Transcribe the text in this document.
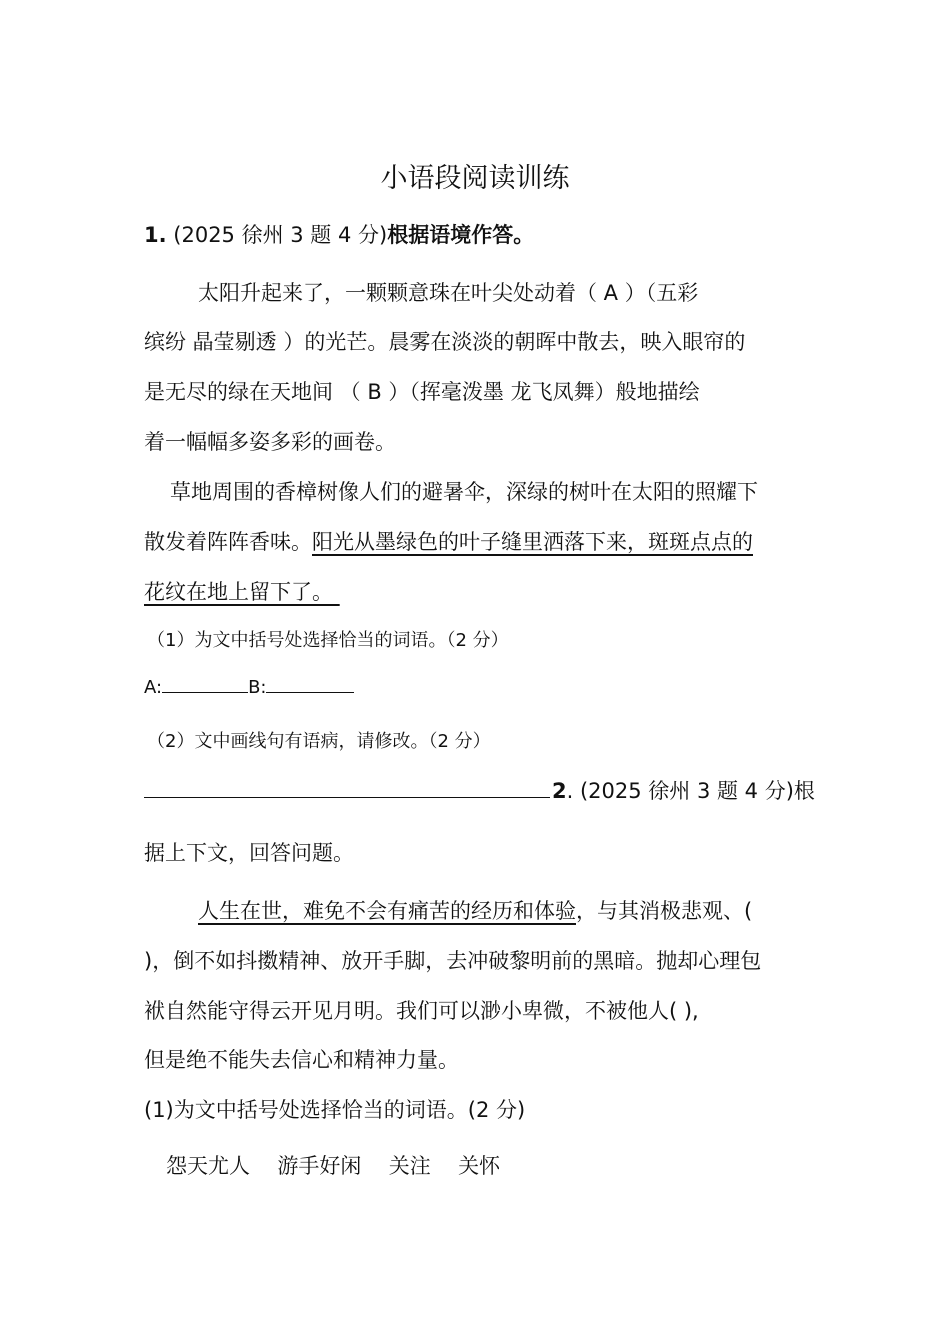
小语段阅读训练
1. (2025 徐州 3 题 4 分)根据语境作答。
太阳升起来了，一颗颗意珠在叶尖处动着（ A ）（五彩
缤纷 晶莹剔透 ）的光芒。晨雾在淡淡的朝晖中散去，映入眼帘的
是无尽的绿在天地间 （ B ）（挥毫泼墨 龙飞凤舞）般地描绘
着一幅幅多姿多彩的画卷。
草地周围的香樟树像人们的避暑伞，深绿的树叶在太阳的照耀下
散发着阵阵香味。阳光从墨绿色的叶子缝里洒落下来，斑斑点点的
花纹在地上留下了。
（1）为文中括号处选择恰当的词语。（2 分）
A:	B:
（2）文中画线句有语病，请修改。（2 分）
2. (2025 徐州 3 题 4 分)根
据上下文，回答问题。
人生在世，难免不会有痛苦的经历和体验，与其消极悲观、(
)，倒不如抖擞精神、放开手脚，去冲破黎明前的黑暗。抛却心理包
袱自然能守得云开见月明。我们可以渺小卑微，不被他人( ),
但是绝不能失去信心和精神力量。
(1)为文中括号处选择恰当的词语。(2 分)
怨天尤人 游手好闲 关注 关怀
